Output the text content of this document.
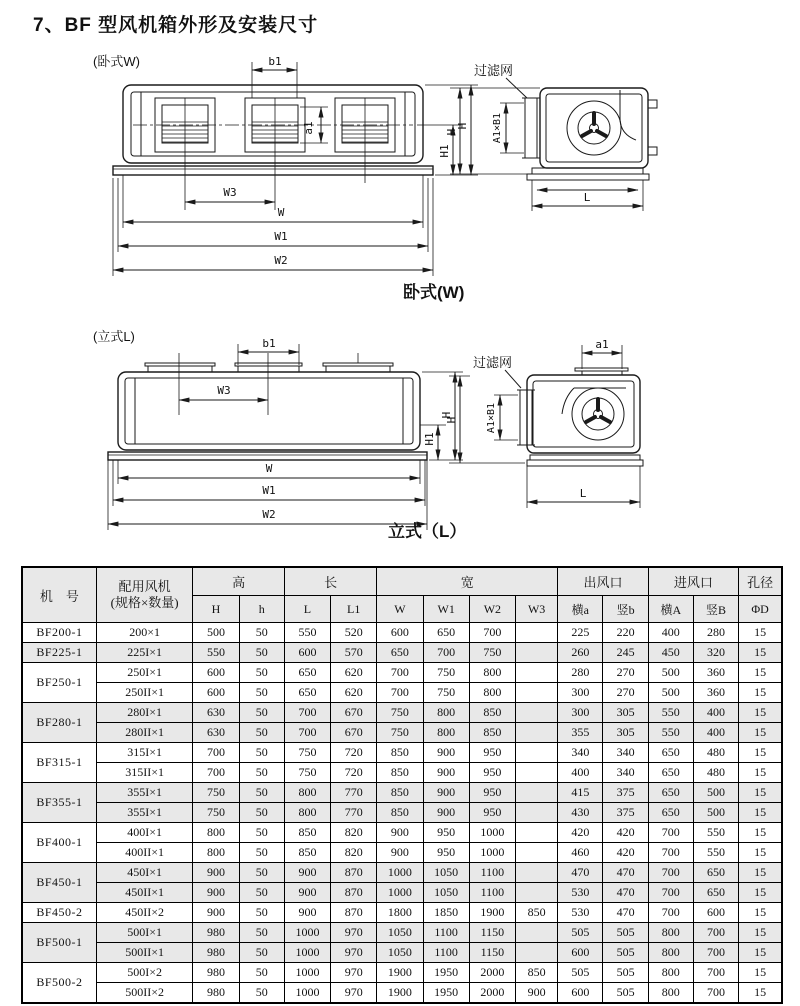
7、BF 型风机箱外形及安装尺寸
(卧式W)	b1
a1	H
H1
W3
W
W1
W2
卧式(W)
H
过滤网
A1×B1
L
(立式L)	b1
W3
H
H1
W
W1
W2
立式（L）
a1
过滤网
A1×B1
H
L
机　号	配用风机
(规格×数量)	高		长		宽				出风口		进风口		孔径
		H	h	L	L1	W	W1	W2	W3	横a	竖b	横A	竖B	ΦD
BF200-1	200×1	500	50	550	520	600	650	700		225	220	400	280	15
BF225-1	225I×1	550	50	600	570	650	700	750		260	245	450	320	15
BF250-1	250I×1	600	50	650	620	700	750	800		280	270	500	360	15
	250II×1	600	50	650	620	700	750	800		300	270	500	360	15
BF280-1	280I×1	630	50	700	670	750	800	850		300	305	550	400	15
	280II×1	630	50	700	670	750	800	850		355	305	550	400	15
BF315-1	315I×1	700	50	750	720	850	900	950		340	340	650	480	15
	315II×1	700	50	750	720	850	900	950		400	340	650	480	15
BF355-1	355I×1	750	50	800	770	850	900	950		415	375	650	500	15
	355I×1	750	50	800	770	850	900	950		430	375	650	500	15
BF400-1	400I×1	800	50	850	820	900	950	1000		420	420	700	550	15
	400II×1	800	50	850	820	900	950	1000		460	420	700	550	15
BF450-1	450I×1	900	50	900	870	1000	1050	1100		470	470	700	650	15
	450II×1	900	50	900	870	1000	1050	1100		530	470	700	650	15
BF450-2	450II×2	900	50	900	870	1800	1850	1900	850	530	470	700	600	15
BF500-1	500I×1	980	50	1000	970	1050	1100	1150		505	505	800	700	15
	500II×1	980	50	1000	970	1050	1100	1150		600	505	800	700	15
BF500-2	500I×2	980	50	1000	970	1900	1950	2000	850	505	505	800	700	15
	500II×2	980	50	1000	970	1900	1950	2000	900	600	505	800	700	15
